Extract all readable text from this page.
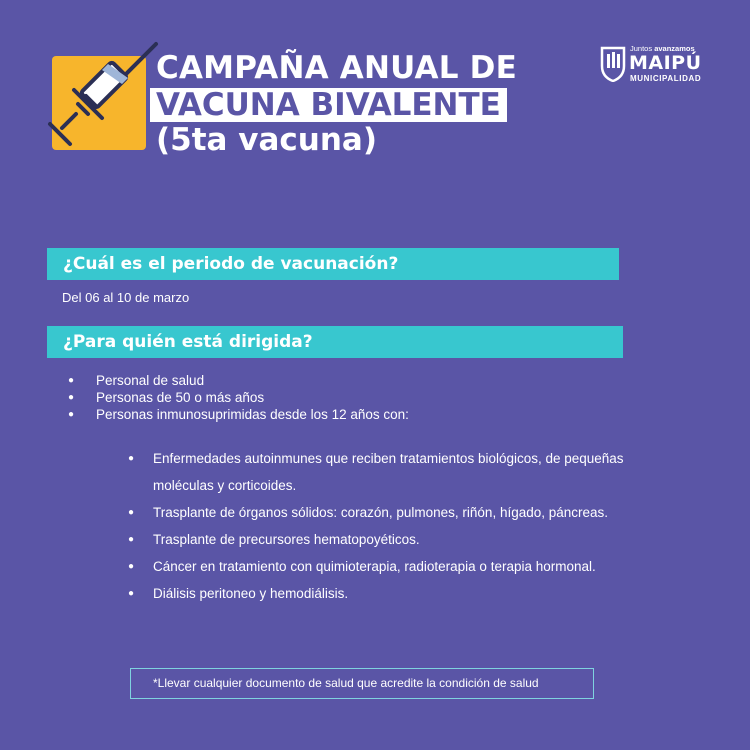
CAMPAÑA ANUAL DE
VACUNA BIVALENTE
(5ta vacuna)
Juntos avanzamos
MAIPÚ
MUNICIPALIDAD
¿Cuál es el periodo de vacunación?
Del 06 al 10 de marzo
¿Para quién está dirigida?
● Personal de salud
● Personas de 50 o más años
● Personas inmunosuprimidas desde los 12 años con:
● Enfermedades autoinmunes que reciben tratamientos biológicos, de pequeñas moléculas y corticoides.
● Trasplante de órganos sólidos: corazón, pulmones, riñón, hígado, páncreas.
● Trasplante de precursores hematopoyéticos.
● Cáncer en tratamiento con quimioterapia, radioterapia o terapia hormonal.
● Diálisis peritoneo y hemodiálisis.
*Llevar cualquier documento de salud que acredite la condición de salud
